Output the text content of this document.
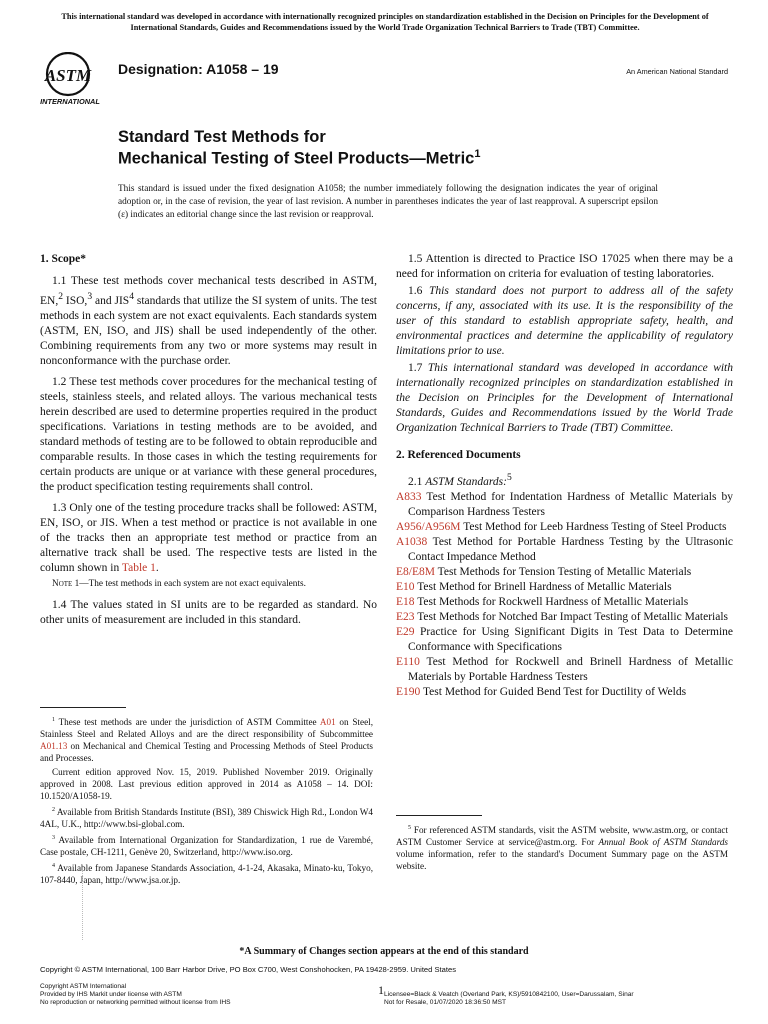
This international standard was developed in accordance with internationally recognized principles on standardization established in the Decision on Principles for the Development of International Standards, Guides and Recommendations issued by the World Trade Organization Technical Barriers to Trade (TBT) Committee.
ASTM
INTERNATIONAL
Designation: A1058 – 19	An American National Standard
Standard Test Methods for
Mechanical Testing of Steel Products—Metric$^1$
This standard is issued under the fixed designation A1058; the number immediately following the designation indicates the year of original adoption or, in the case of revision, the year of last revision. A number in parentheses indicates the year of last reapproval. A superscript epsilon (ε) indicates an editorial change since the last revision or reapproval.
1. Scope*

1.1 These test methods cover mechanical tests described in ASTM, EN,$^2$ ISO,$^3$ and JIS$^4$ standards that utilize the SI system of units. The test methods in each system are not exact equivalents. Each standards system (ASTM, EN, ISO, and JIS) shall be used independently of the other. Combining requirements from any two or more systems may result in nonconformance with the purchase order.

1.2 These test methods cover procedures for the mechanical testing of steels, stainless steels, and related alloys. The various mechanical tests herein described are used to determine properties required in the product specifications. Variations in testing methods are to be avoided, and standard methods of testing are to be followed to obtain reproducible and comparable results. In those cases in which the testing requirements for certain products are unique or at variance with these general procedures, the product specification testing requirements shall control.

1.3 Only one of the testing procedure tracks shall be followed: ASTM, EN, ISO, or JIS. When a test method or practice is not available in one of the tracks then an appropriate test method or practice from an alternative track shall be used. The respective tests are listed in the column shown in Table 1.

Note 1—The test methods in each system are not exact equivalents.

1.4 The values stated in SI units are to be regarded as standard. No other units of measurement are included in this standard.

1.5 Attention is directed to Practice ISO 17025 when there may be a need for information on criteria for evaluation of testing laboratories.

1.6 This standard does not purport to address all of the safety concerns, if any, associated with its use. It is the responsibility of the user of this standard to establish appropriate safety, health, and environmental practices and determine the applicability of regulatory limitations prior to use.

1.7 This international standard was developed in accordance with internationally recognized principles on standardization established in the Decision on Principles for the Development of International Standards, Guides and Recommendations issued by the World Trade Organization Technical Barriers to Trade (TBT) Committee.

2. Referenced Documents

2.1 ASTM Standards:$^5$

A833 Test Method for Indentation Hardness of Metallic Materials by Comparison Hardness Testers
A956/A956M Test Method for Leeb Hardness Testing of Steel Products
A1038 Test Method for Portable Hardness Testing by the Ultrasonic Contact Impedance Method
E8/E8M Test Methods for Tension Testing of Metallic Materials
E10 Test Method for Brinell Hardness of Metallic Materials
E18 Test Methods for Rockwell Hardness of Metallic Materials
E23 Test Methods for Notched Bar Impact Testing of Metallic Materials
E29 Practice for Using Significant Digits in Test Data to Determine Conformance with Specifications
E110 Test Method for Rockwell and Brinell Hardness of Metallic Materials by Portable Hardness Testers
E190 Test Method for Guided Bend Test for Ductility of Welds

$^1$ These test methods are under the jurisdiction of ASTM Committee A01 on Steel, Stainless Steel and Related Alloys and are the direct responsibility of Subcommittee A01.13 on Mechanical and Chemical Testing and Processing Methods of Steel Products and Processes.

Current edition approved Nov. 15, 2019. Published November 2019. Originally approved in 2008. Last previous edition approved in 2014 as A1058 – 14. DOI: 10.1520/A1058-19.

$^2$ Available from British Standards Institute (BSI), 389 Chiswick High Rd., London W4 4AL, U.K., http://www.bsi-global.com.

$^3$ Available from International Organization for Standardization, 1 rue de Varembé, Case postale, CH-1211, Genève 20, Switzerland, http://www.iso.org.

$^4$ Available from Japanese Standards Association, 4-1-24, Akasaka, Minato-ku, Tokyo, 107-8440, Japan, http://www.jsa.or.jp.

$^5$ For referenced ASTM standards, visit the ASTM website, www.astm.org, or contact ASTM Customer Service at service@astm.org. For Annual Book of ASTM Standards volume information, refer to the standard's Document Summary page on the ASTM website.

*A Summary of Changes section appears at the end of this standard
Copyright © ASTM International, 100 Barr Harbor Drive, PO Box C700, West Conshohocken, PA 19428-2959. United States
Copyright ASTM International
Provided by IHS Markit under license with ASTM
No reproduction or networking permitted without license from IHS
1 Licensee=Black & Veatch (Overland Park, KS)/5910842100, User=Darussalam, Sinar
Not for Resale, 01/07/2020 18:36:50 MST
